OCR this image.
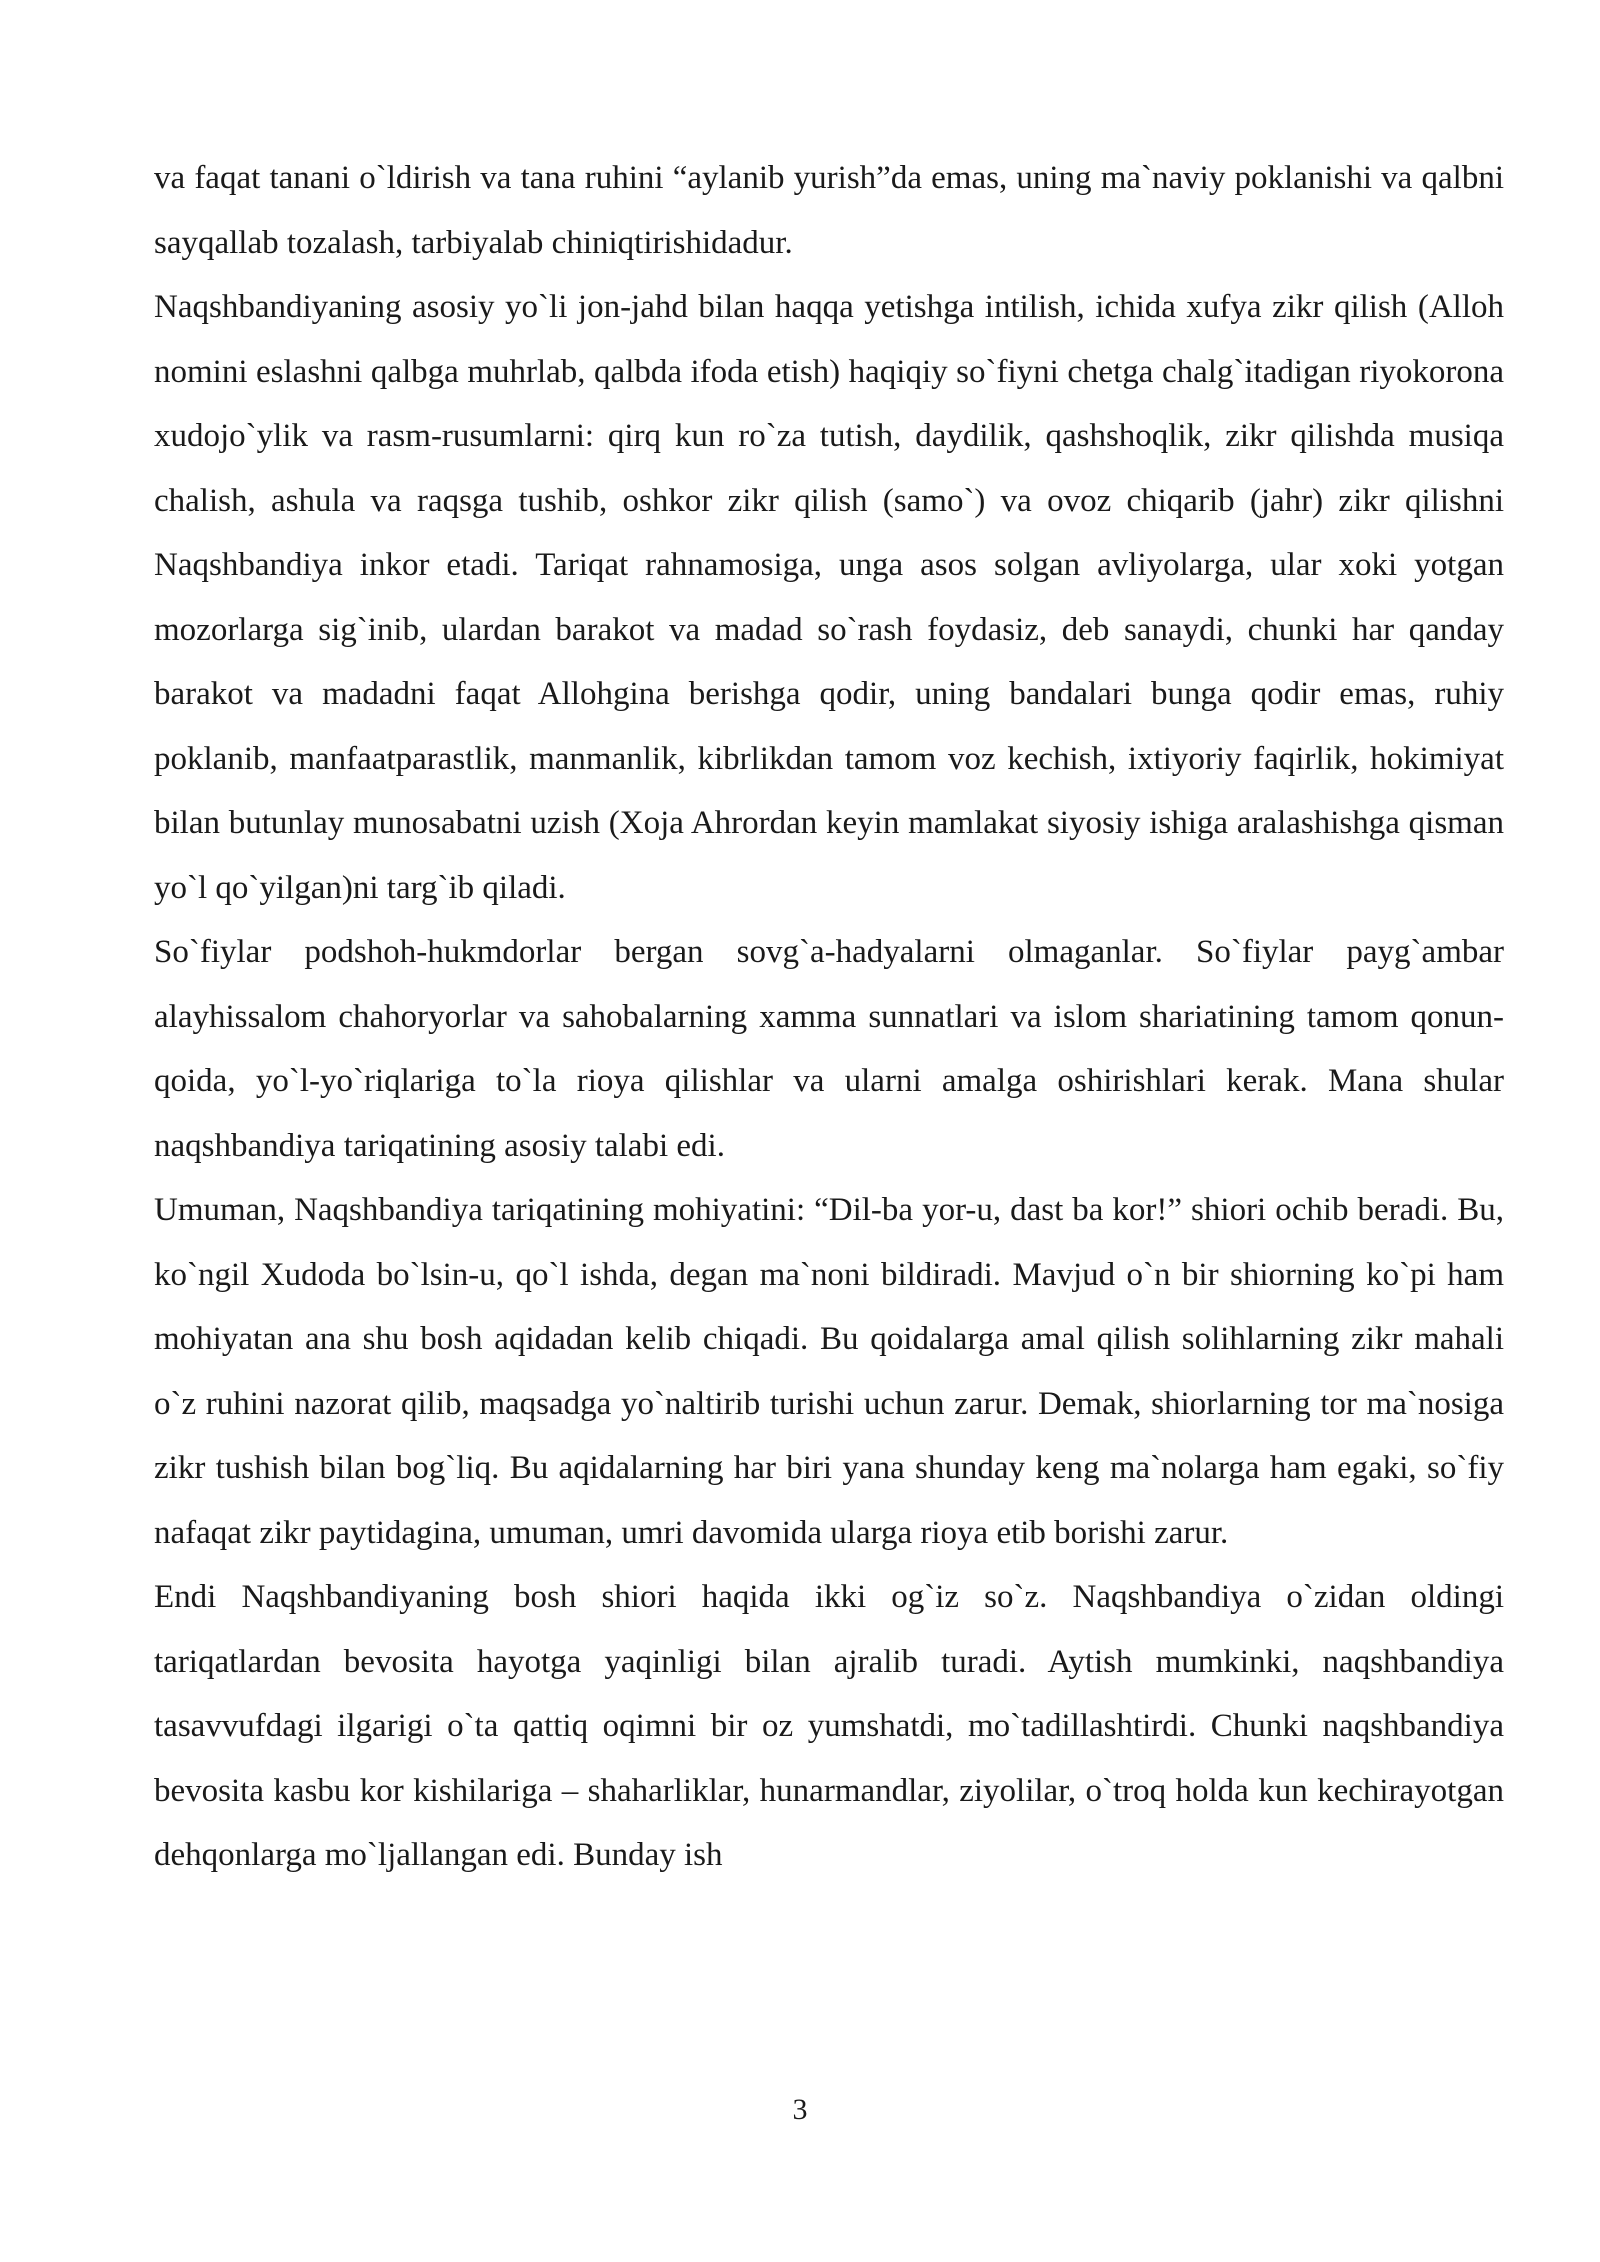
va faqat tanani o`ldirish va tana ruhini “aylanib yurish”da emas, uning ma`naviy poklanishi va qalbni sayqallab tozalash, tarbiyalab chiniqtirishidadur.

Naqshbandiyaning asosiy yo`li jon-jahd bilan haqqa yetishga intilish, ichida xufya zikr qilish (Alloh nomini eslashni qalbga muhrlab, qalbda ifoda etish) haqiqiy so`fiyni chetga chalg`itadigan riyokorona xudojo`ylik va rasm-rusumlarni: qirq kun ro`za tutish, daydilik, qashshoqlik, zikr qilishda musiqa chalish, ashula va raqsga tushib, oshkor zikr qilish (samo`) va ovoz chiqarib (jahr) zikr qilishni Naqshbandiya inkor etadi. Tariqat rahnamosiga, unga asos solgan avliyolarga, ular xoki yotgan mozorlarga sig`inib, ulardan barakot va madad so`rash foydasiz, deb sanaydi, chunki har qanday barakot va madadni faqat Allohgina berishga qodir, uning bandalari bunga qodir emas, ruhiy poklanib, manfaatparastlik, manmanlik, kibrlikdan tamom voz kechish, ixtiyoriy faqirlik, hokimiyat bilan butunlay munosabatni uzish (Xoja Ahrordan keyin mamlakat siyosiy ishiga aralashishga qisman yo`l qo`yilgan)ni targ`ib qiladi.

So`fiylar podshoh-hukmdorlar bergan sovg`a-hadyalarni olmaganlar. So`fiylar payg`ambar alayhissalom chahoryorlar va sahobalarning xamma sunnatlari va islom shariatining tamom qonun-qoida, yo`l-yo`riqlariga to`la rioya qilishlar va ularni amalga oshirishlari kerak. Mana shular naqshbandiya tariqatining asosiy talabi edi.

Umuman, Naqshbandiya tariqatining mohiyatini: “Dil-ba yor-u, dast ba kor!” shiori ochib beradi. Bu, ko`ngil Xudoda bo`lsin-u, qo`l ishda, degan ma`noni bildiradi. Mavjud o`n bir shiorning ko`pi ham mohiyatan ana shu bosh aqidadan kelib chiqadi. Bu qoidalarga amal qilish solihlarning zikr mahali o`z ruhini nazorat qilib, maqsadga yo`naltirib turishi uchun zarur. Demak, shiorlarning tor ma`nosiga zikr tushish bilan bog`liq. Bu aqidalarning har biri yana shunday keng ma`nolarga ham egaki, so`fiy nafaqat zikr paytidagina, umuman, umri davomida ularga rioya etib borishi zarur.

Endi Naqshbandiyaning bosh shiori haqida ikki og`iz so`z. Naqshbandiya o`zidan oldingi tariqatlardan bevosita hayotga yaqinligi bilan ajralib turadi. Aytish mumkinki, naqshbandiya tasavvufdagi ilgarigi o`ta qattiq oqimni bir oz yumshatdi, mo`tadillashtirdi. Chunki naqshbandiya bevosita kasbu kor kishilariga – shaharliklar, hunarmandlar, ziyolilar, o`troq holda kun kechirayotgan dehqonlarga mo`ljallangan edi. Bunday ish

3
